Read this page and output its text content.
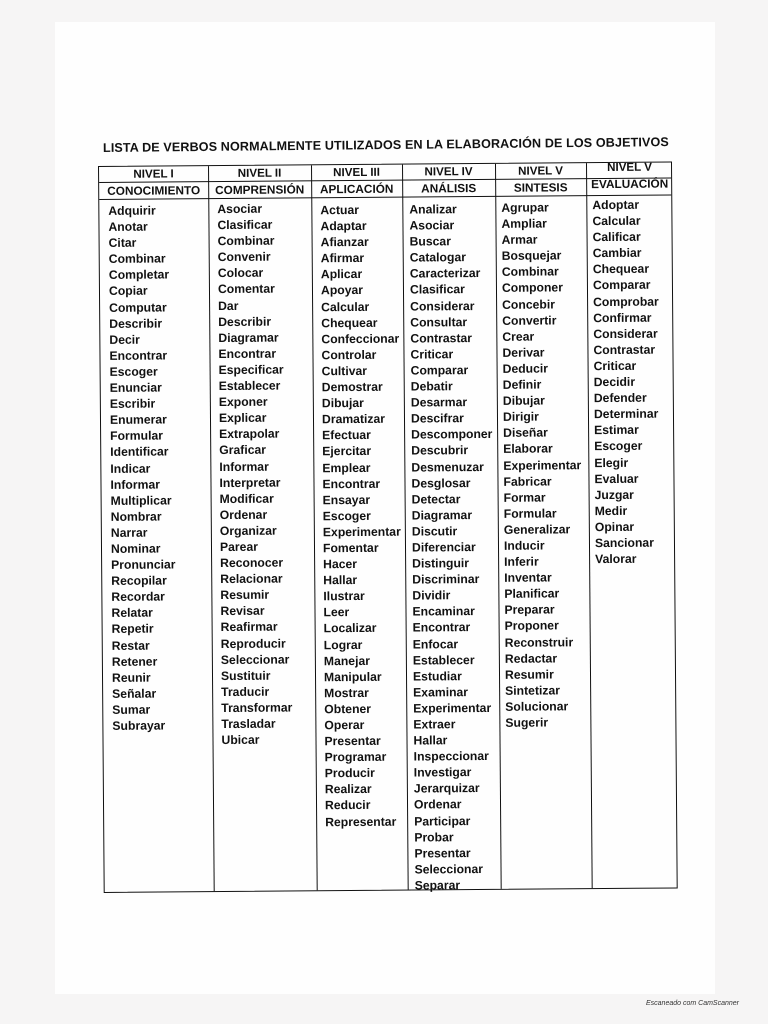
LISTA DE VERBOS NORMALMENTE UTILIZADOS EN LA ELABORACIÓN DE LOS OBJETIVOS
NIVEL I
CONOCIMIENTO
NIVEL II
COMPRENSIÓN
NIVEL III
APLICACIÓN
NIVEL IV
ANÁLISIS
NIVEL V
SINTESIS
NIVEL V
EVALUACIÓN
Adquirir
Anotar
Citar
Combinar
Completar
Copiar
Computar
Describir
Decir
Encontrar
Escoger
Enunciar
Escribir
Enumerar
Formular
Identificar
Indicar
Informar
Multiplicar
Nombrar
Narrar
Nominar
Pronunciar
Recopilar
Recordar
Relatar
Repetir
Restar
Retener
Reunir
Señalar
Sumar
Subrayar
Asociar
Clasificar
Combinar
Convenir
Colocar
Comentar
Dar
Describir
Diagramar
Encontrar
Especificar
Establecer
Exponer
Explicar
Extrapolar
Graficar
Informar
Interpretar
Modificar
Ordenar
Organizar
Parear
Reconocer
Relacionar
Resumir
Revisar
Reafirmar
Reproducir
Seleccionar
Sustituir
Traducir
Transformar
Trasladar
Ubicar
Actuar
Adaptar
Afianzar
Afirmar
Aplicar
Apoyar
Calcular
Chequear
Confeccionar
Controlar
Cultivar
Demostrar
Dibujar
Dramatizar
Efectuar
Ejercitar
Emplear
Encontrar
Ensayar
Escoger
Experimentar
Fomentar
Hacer
Hallar
Ilustrar
Leer
Localizar
Lograr
Manejar
Manipular
Mostrar
Obtener
Operar
Presentar
Programar
Producir
Realizar
Reducir
Representar
Analizar
Asociar
Buscar
Catalogar
Caracterizar
Clasificar
Considerar
Consultar
Contrastar
Criticar
Comparar
Debatir
Desarmar
Descifrar
Descomponer
Descubrir
Desmenuzar
Desglosar
Detectar
Diagramar
Discutir
Diferenciar
Distinguir
Discriminar
Dividir
Encaminar
Encontrar
Enfocar
Establecer
Estudiar
Examinar
Experimentar
Extraer
Hallar
Inspeccionar
Investigar
Jerarquizar
Ordenar
Participar
Probar
Presentar
Seleccionar
Separar
Agrupar
Ampliar
Armar
Bosquejar
Combinar
Componer
Concebir
Convertir
Crear
Derivar
Deducir
Definir
Dibujar
Dirigir
Diseñar
Elaborar
Experimentar
Fabricar
Formar
Formular
Generalizar
Inducir
Inferir
Inventar
Planificar
Preparar
Proponer
Reconstruir
Redactar
Resumir
Sintetizar
Solucionar
Sugerir
Adoptar
Calcular
Calificar
Cambiar
Chequear
Comparar
Comprobar
Confirmar
Considerar
Contrastar
Criticar
Decidir
Defender
Determinar
Estimar
Escoger
Elegir
Evaluar
Juzgar
Medir
Opinar
Sancionar
Valorar
Escaneado com CamScanner
